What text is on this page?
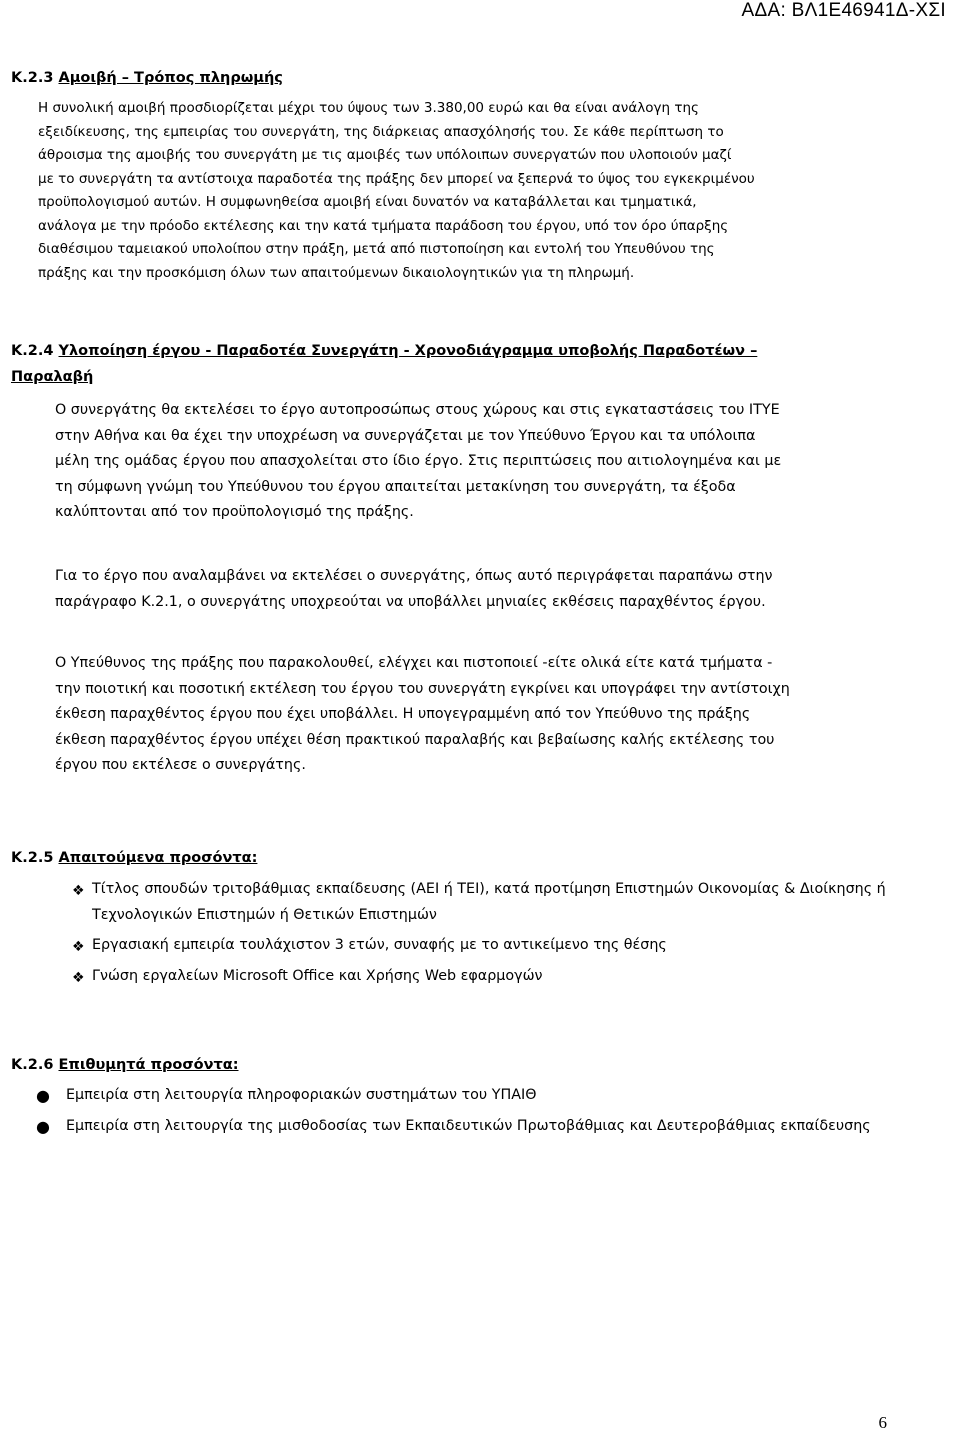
ΑΔΑ: ΒΛ1Ε46941Δ-ΧΣΙ
Κ.2.3 Αμοιβή – Τρόπος πληρωμής
Η συνολική αμοιβή προσδιορίζεται μέχρι του ύψους των 3.380,00 ευρώ και θα είναι ανάλογη της
εξειδίκευσης, της εμπειρίας του συνεργάτη, της διάρκειας απασχόλησής του. Σε κάθε περίπτωση το
άθροισμα της αμοιβής του συνεργάτη με τις αμοιβές των υπόλοιπων συνεργατών που υλοποιούν μαζί
με το συνεργάτη τα αντίστοιχα παραδοτέα της πράξης δεν μπορεί να ξεπερνά το ύψος του εγκεκριμένου
προϋπολογισμού αυτών. Η συμφωνηθείσα αμοιβή είναι δυνατόν να καταβάλλεται και τμηματικά,
ανάλογα με την πρόοδο εκτέλεσης και την κατά τμήματα παράδοση του έργου, υπό τον όρο ύπαρξης
διαθέσιμου ταμειακού υπολοίπου στην πράξη, μετά από πιστοποίηση και εντολή του Υπευθύνου της
πράξης και την προσκόμιση όλων των απαιτούμενων δικαιολογητικών για τη πληρωμή.
Κ.2.4 Υλοποίηση έργου - Παραδοτέα Συνεργάτη - Χρονοδιάγραμμα υποβολής Παραδοτέων –
Παραλαβή
Ο συνεργάτης θα εκτελέσει το έργο αυτοπροσώπως στους χώρους και στις εγκαταστάσεις του ΙΤΥΕ
στην Αθήνα και θα έχει την υποχρέωση να συνεργάζεται με τον Υπεύθυνο Έργου και τα υπόλοιπα
μέλη της ομάδας έργου που απασχολείται στο ίδιο έργο. Στις περιπτώσεις που αιτιολογημένα και με
τη σύμφωνη γνώμη του Υπεύθυνου του έργου απαιτείται μετακίνηση του συνεργάτη, τα έξοδα
καλύπτονται από τον προϋπολογισμό της πράξης.
Για το έργο που αναλαμβάνει να εκτελέσει ο συνεργάτης, όπως αυτό περιγράφεται παραπάνω στην
παράγραφο Κ.2.1, ο συνεργάτης υποχρεούται να υποβάλλει μηνιαίες εκθέσεις παραχθέντος έργου.
Ο Υπεύθυνος της πράξης που παρακολουθεί, ελέγχει και πιστοποιεί -είτε ολικά είτε κατά τμήματα -
την ποιοτική και ποσοτική εκτέλεση του έργου του συνεργάτη εγκρίνει και υπογράφει την αντίστοιχη
έκθεση παραχθέντος έργου που έχει υποβάλλει. Η υπογεγραμμένη από τον Υπεύθυνο της πράξης
έκθεση παραχθέντος έργου υπέχει θέση πρακτικού παραλαβής και βεβαίωσης καλής εκτέλεσης του
έργου που εκτέλεσε ο συνεργάτης.
Κ.2.5 Απαιτούμενα προσόντα:
❖ Τίτλος σπουδών τριτοβάθμιας εκπαίδευσης (ΑΕΙ ή ΤΕΙ), κατά προτίμηση Επιστημών Οικονομίας & Διοίκησης ή Τεχνολογικών Επιστημών ή Θετικών Επιστημών
❖ Εργασιακή εμπειρία τουλάχιστον 3 ετών, συναφής με το αντικείμενο της θέσης
❖ Γνώση εργαλείων Microsoft Office και Χρήσης Web εφαρμογών
Κ.2.6 Επιθυμητά προσόντα:
● Εμπειρία στη λειτουργία πληροφοριακών συστημάτων του ΥΠΑΙΘ
● Εμπειρία στη λειτουργία της μισθοδοσίας των Εκπαιδευτικών Πρωτοβάθμιας και Δευτεροβάθμιας εκπαίδευσης
6
